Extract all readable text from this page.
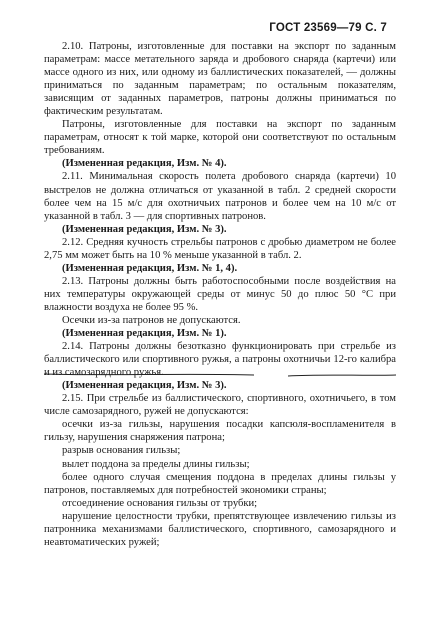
ГОСТ 23569—79 С. 7

2.10. Патроны, изготовленные для поставки на экспорт по заданным параметрам: массе метательного заряда и дробового снаряда (картечи) или массе одного из них, или одному из баллистических показателей, — должны приниматься по заданным параметрам; по остальным показателям, зависящим от заданных параметров, патроны должны приниматься по фактическим результатам.

Патроны, изготовленные для поставки на экспорт по заданным параметрам, относят к той марке, которой они соответствуют по остальным требованиям.

(Измененная редакция, Изм. № 4).

2.11. Минимальная скорость полета дробового снаряда (картечи) 10 выстрелов не должна отличаться от указанной в табл. 2 средней скорости более чем на 15 м/с для охотничьих патронов и более чем на 10 м/с от указанной в табл. 3 — для спортивных патронов.

(Измененная редакция, Изм. № 3).

2.12. Средняя кучность стрельбы патронов с дробью диаметром не более 2,75 мм может быть на 10 % меньше указанной в табл. 2.

(Измененная редакция, Изм. № 1, 4).

2.13. Патроны должны быть работоспособными после воздействия на них температуры окружающей среды от минус 50 до плюс 50 °С при влажности воздуха не более 95 %.

Осечки из-за патронов не допускаются.

(Измененная редакция, Изм. № 1).

2.14. Патроны должны безотказно функционировать при стрельбе из баллистического или спортивного ружья, а патроны охотничьи 12-го калибра и из самозарядного ружья.

(Измененная редакция, Изм. № 3).

2.15. При стрельбе из баллистического, спортивного, охотничьего, в том числе самозарядного, ружей не допускаются:

осечки из-за гильзы, нарушения посадки капсюля-воспламенителя в гильзу, нарушения снаряжения патрона;

разрыв основания гильзы;

вылет поддона за пределы длины гильзы;

более одного случая смещения поддона в пределах длины гильзы у патронов, поставляемых для потребностей экономики страны;

отсоединение основания гильзы от трубки;

нарушение целостности трубки, препятствующее извлечению гильзы из патронника механизмами баллистического, спортивного, самозарядного и неавтоматических ружей;
